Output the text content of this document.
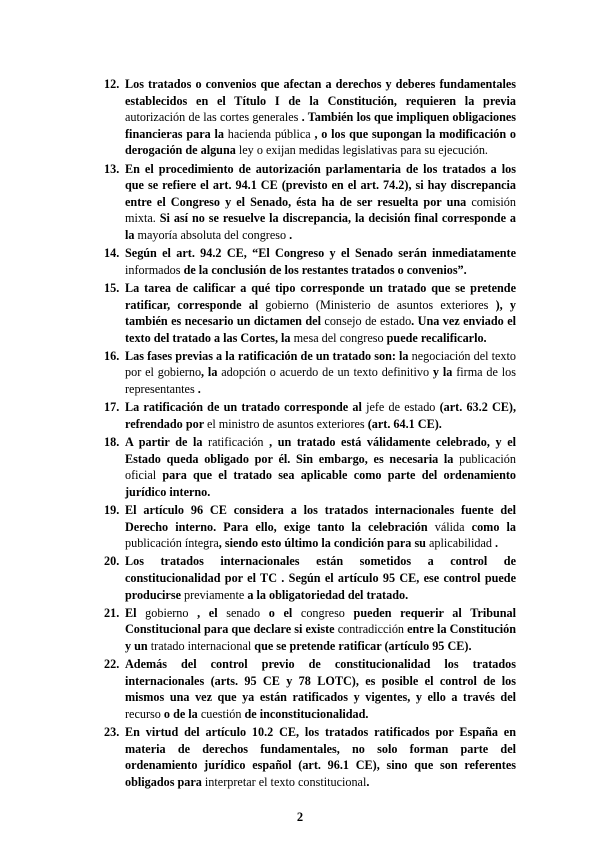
12. Los tratados o convenios que afectan a derechos y deberes fundamentales establecidos en el Título I de la Constitución, requieren la previa autorización de las cortes generales . También los que impliquen obligaciones financieras para la hacienda pública , o los que supongan la modificación o derogación de alguna ley o exijan medidas legislativas para su ejecución.

13. En el procedimiento de autorización parlamentaria de los tratados a los que se refiere el art. 94.1 CE (previsto en el art. 74.2), si hay discrepancia entre el Congreso y el Senado, ésta ha de ser resuelta por una comisión mixta. Si así no se resuelve la discrepancia, la decisión final corresponde a la mayoría absoluta del congreso .

14. Según el art. 94.2 CE, “El Congreso y el Senado serán inmediatamente informados de la conclusión de los restantes tratados o convenios”.

15. La tarea de calificar a qué tipo corresponde un tratado que se pretende ratificar, corresponde al gobierno (Ministerio de asuntos exteriores ), y también es necesario un dictamen del consejo de estado. Una vez enviado el texto del tratado a las Cortes, la mesa del congreso puede recalificarlo.

16. Las fases previas a la ratificación de un tratado son: la negociación del texto por el gobierno, la adopción o acuerdo de un texto definitivo y la firma de los representantes .

17. La ratificación de un tratado corresponde al jefe de estado (art. 63.2 CE), refrendado por el ministro de asuntos exteriores (art. 64.1 CE).

18. A partir de la ratificación , un tratado está válidamente celebrado, y el Estado queda obligado por él. Sin embargo, es necesaria la publicación oficial para que el tratado sea aplicable como parte del ordenamiento jurídico interno.

19. El artículo 96 CE considera a los tratados internacionales fuente del Derecho interno. Para ello, exige tanto la celebración válida como la publicación íntegra, siendo esto último la condición para su aplicabilidad .

20. Los tratados internacionales están sometidos a control de constitucionalidad por el TC . Según el artículo 95 CE, ese control puede producirse previamente a la obligatoriedad del tratado.

21. El gobierno , el senado o el congreso pueden requerir al Tribunal Constitucional para que declare si existe contradicción entre la Constitución y un tratado internacional que se pretende ratificar (artículo 95 CE).

22. Además del control previo de constitucionalidad los tratados internacionales (arts. 95 CE y 78 LOTC), es posible el control de los mismos una vez que ya están ratificados y vigentes, y ello a través del recurso o de la cuestión de inconstitucionalidad.

23. En virtud del artículo 10.2 CE, los tratados ratificados por España en materia de derechos fundamentales, no solo forman parte del ordenamiento jurídico español (art. 96.1 CE), sino que son referentes obligados para interpretar el texto constitucional.

2
